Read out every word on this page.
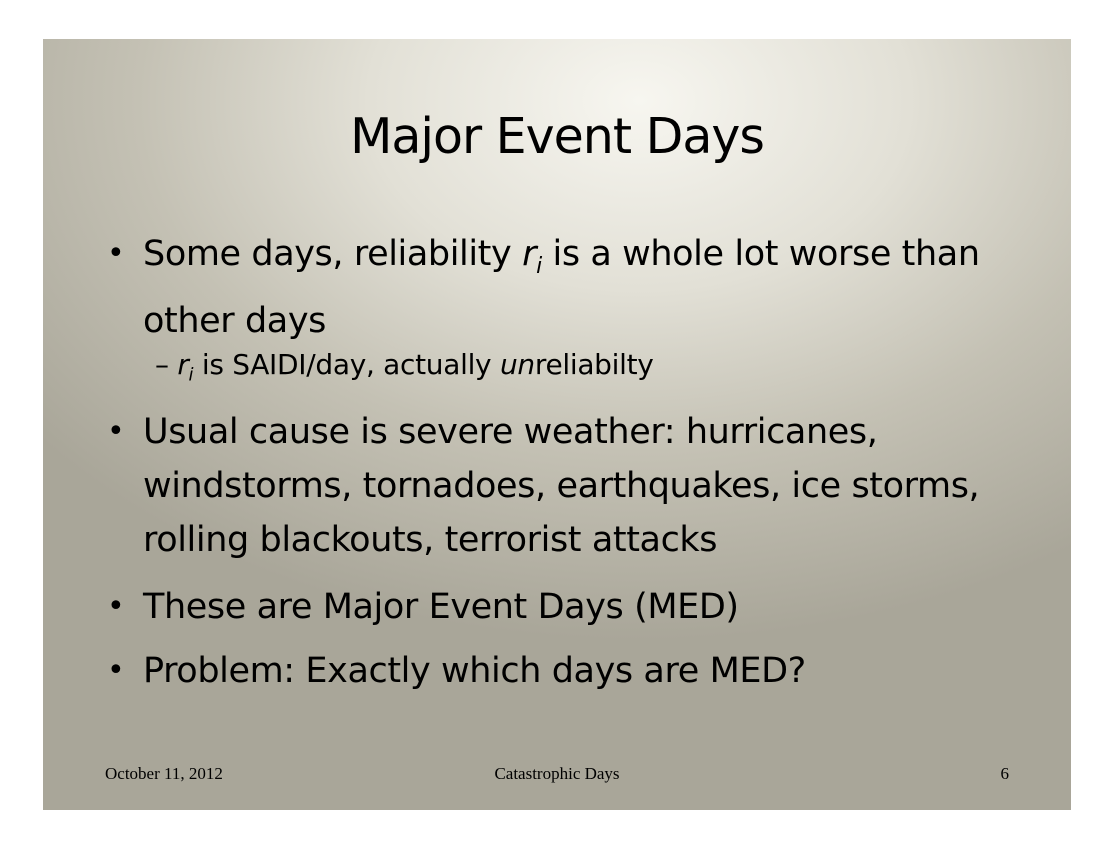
Major Event Days
• Some days, reliability $r_i$ is a whole lot worse than other days
– $r_i$ is SAIDI/day, actually unreliabilty
• Usual cause is severe weather: hurricanes, windstorms, tornadoes, earthquakes, ice storms, rolling blackouts, terrorist attacks
• These are Major Event Days (MED)
• Problem: Exactly which days are MED?
October 11, 2012	Catastrophic Days	6
